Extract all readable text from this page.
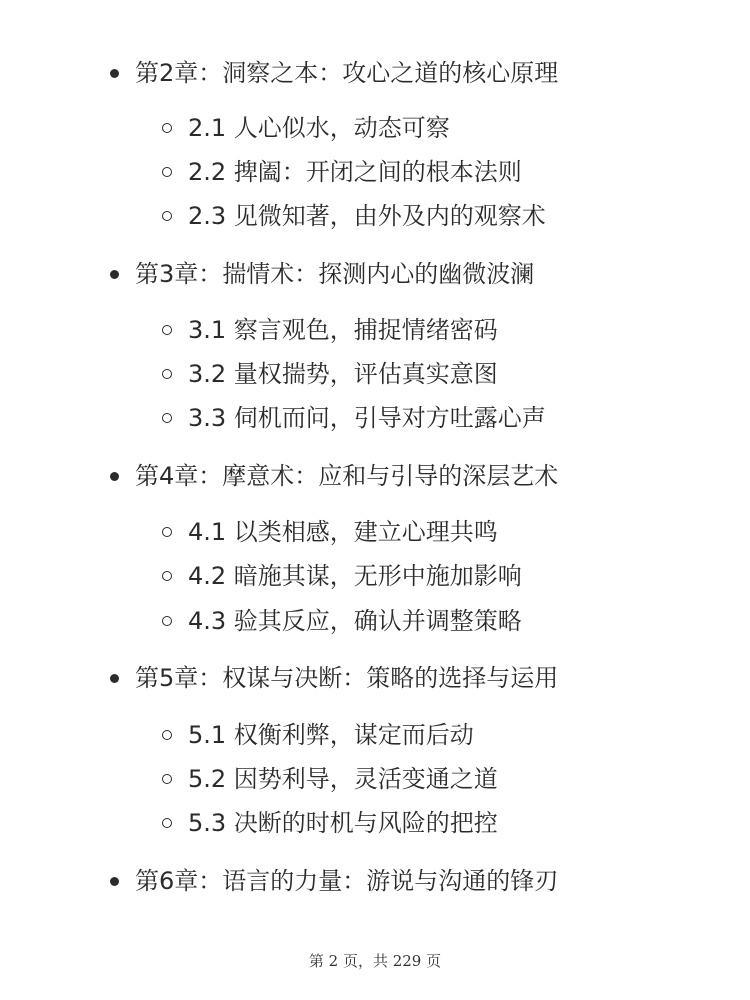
第2章：洞察之本：攻心之道的核心原理
2.1 人心似水，动态可察
2.2 捭阖：开闭之间的根本法则
2.3 见微知著，由外及内的观察术
第3章：揣情术：探测内心的幽微波澜
3.1 察言观色，捕捉情绪密码
3.2 量权揣势，评估真实意图
3.3 伺机而问，引导对方吐露心声
第4章：摩意术：应和与引导的深层艺术
4.1 以类相感，建立心理共鸣
4.2 暗施其谋，无形中施加影响
4.3 验其反应，确认并调整策略
第5章：权谋与决断：策略的选择与运用
5.1 权衡利弊，谋定而后动
5.2 因势利导，灵活变通之道
5.3 决断的时机与风险的把控
第6章：语言的力量：游说与沟通的锋刃
第 2 页，共 229 页
